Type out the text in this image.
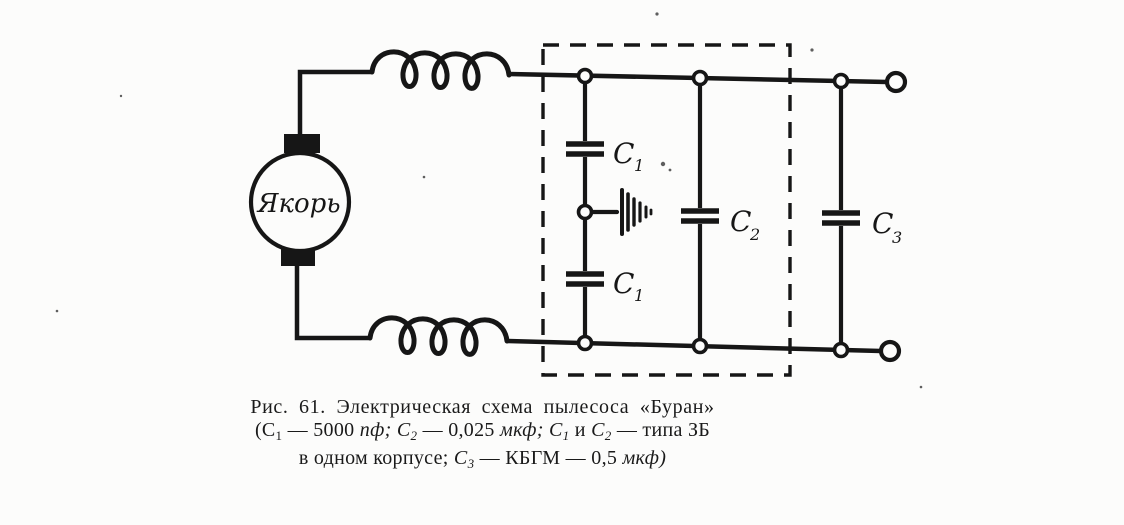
Якорь
C 1
C 1
C
2	C
3
Рис. 61. Электрическая схема пылесоса «Буран»
($С_1$ — 5000 пф; $С_2$ — 0,025 мкф; $С_1$ и $С_2$ — типа ЗБ
в одном корпусе; $С_3$ — КБГМ — 0,5 мкф)
